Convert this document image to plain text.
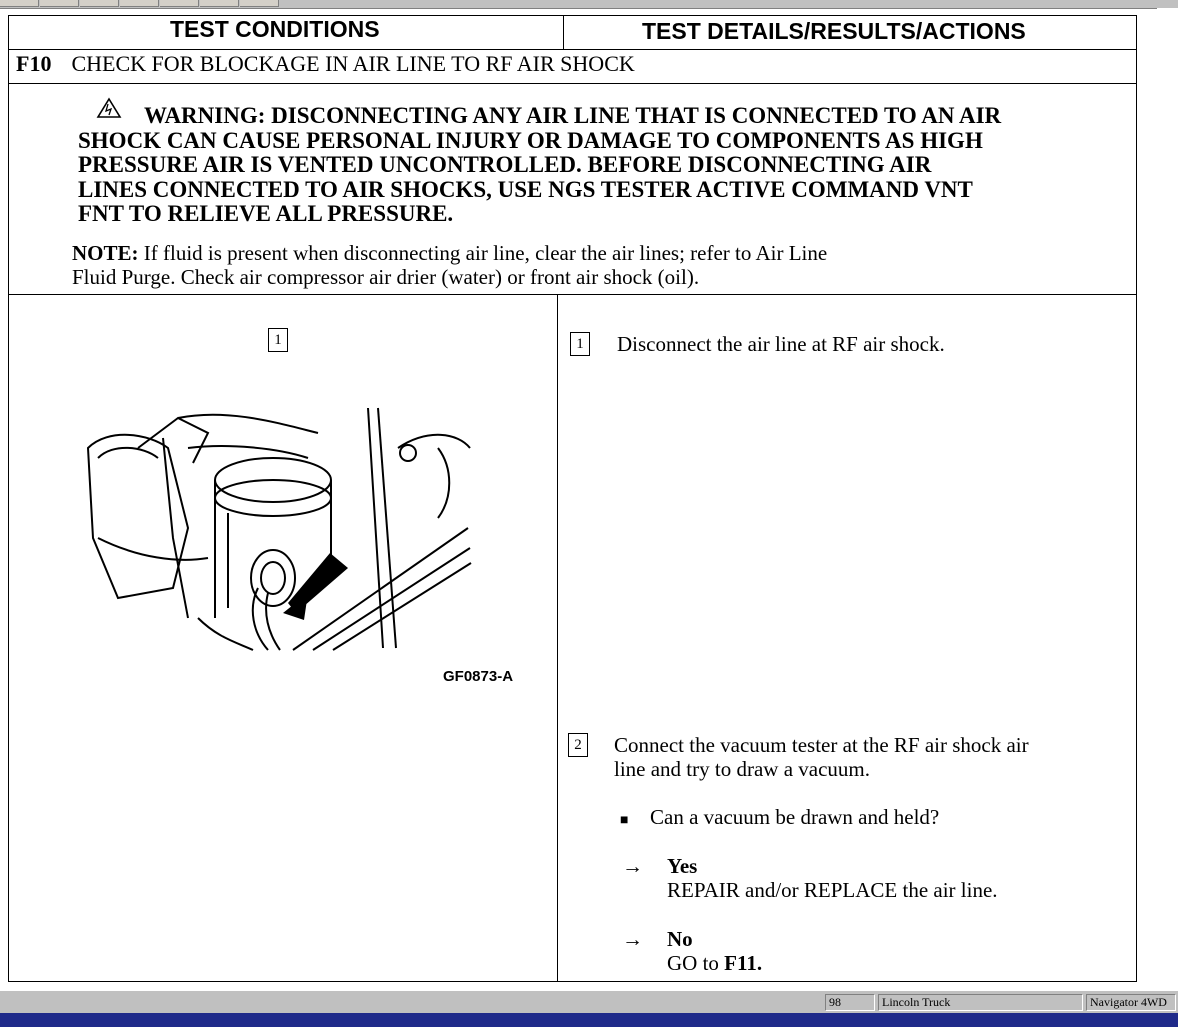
TEST CONDITIONS	TEST DETAILS/RESULTS/ACTIONS
F10 CHECK FOR BLOCKAGE IN AIR LINE TO RF AIR SHOCK
WARNING: DISCONNECTING ANY AIR LINE THAT IS CONNECTED TO AN AIR
SHOCK CAN CAUSE PERSONAL INJURY OR DAMAGE TO COMPONENTS AS HIGH
PRESSURE AIR IS VENTED UNCONTROLLED. BEFORE DISCONNECTING AIR
LINES CONNECTED TO AIR SHOCKS, USE NGS TESTER ACTIVE COMMAND VNT
FNT TO RELIEVE ALL PRESSURE.
NOTE: If fluid is present when disconnecting air line, clear the air lines; refer to Air Line
Fluid Purge. Check air compressor air drier (water) or front air shock (oil).
1
GF0873-A
1 Disconnect the air line at RF air shock.
2 Connect the vacuum tester at the RF air shock air
line and try to draw a vacuum.
■ Can a vacuum be drawn and held?
→ Yes
REPAIR and/or REPLACE the air line.
→ No
GO to F11.
98	Lincoln Truck	Navigator 4WD
